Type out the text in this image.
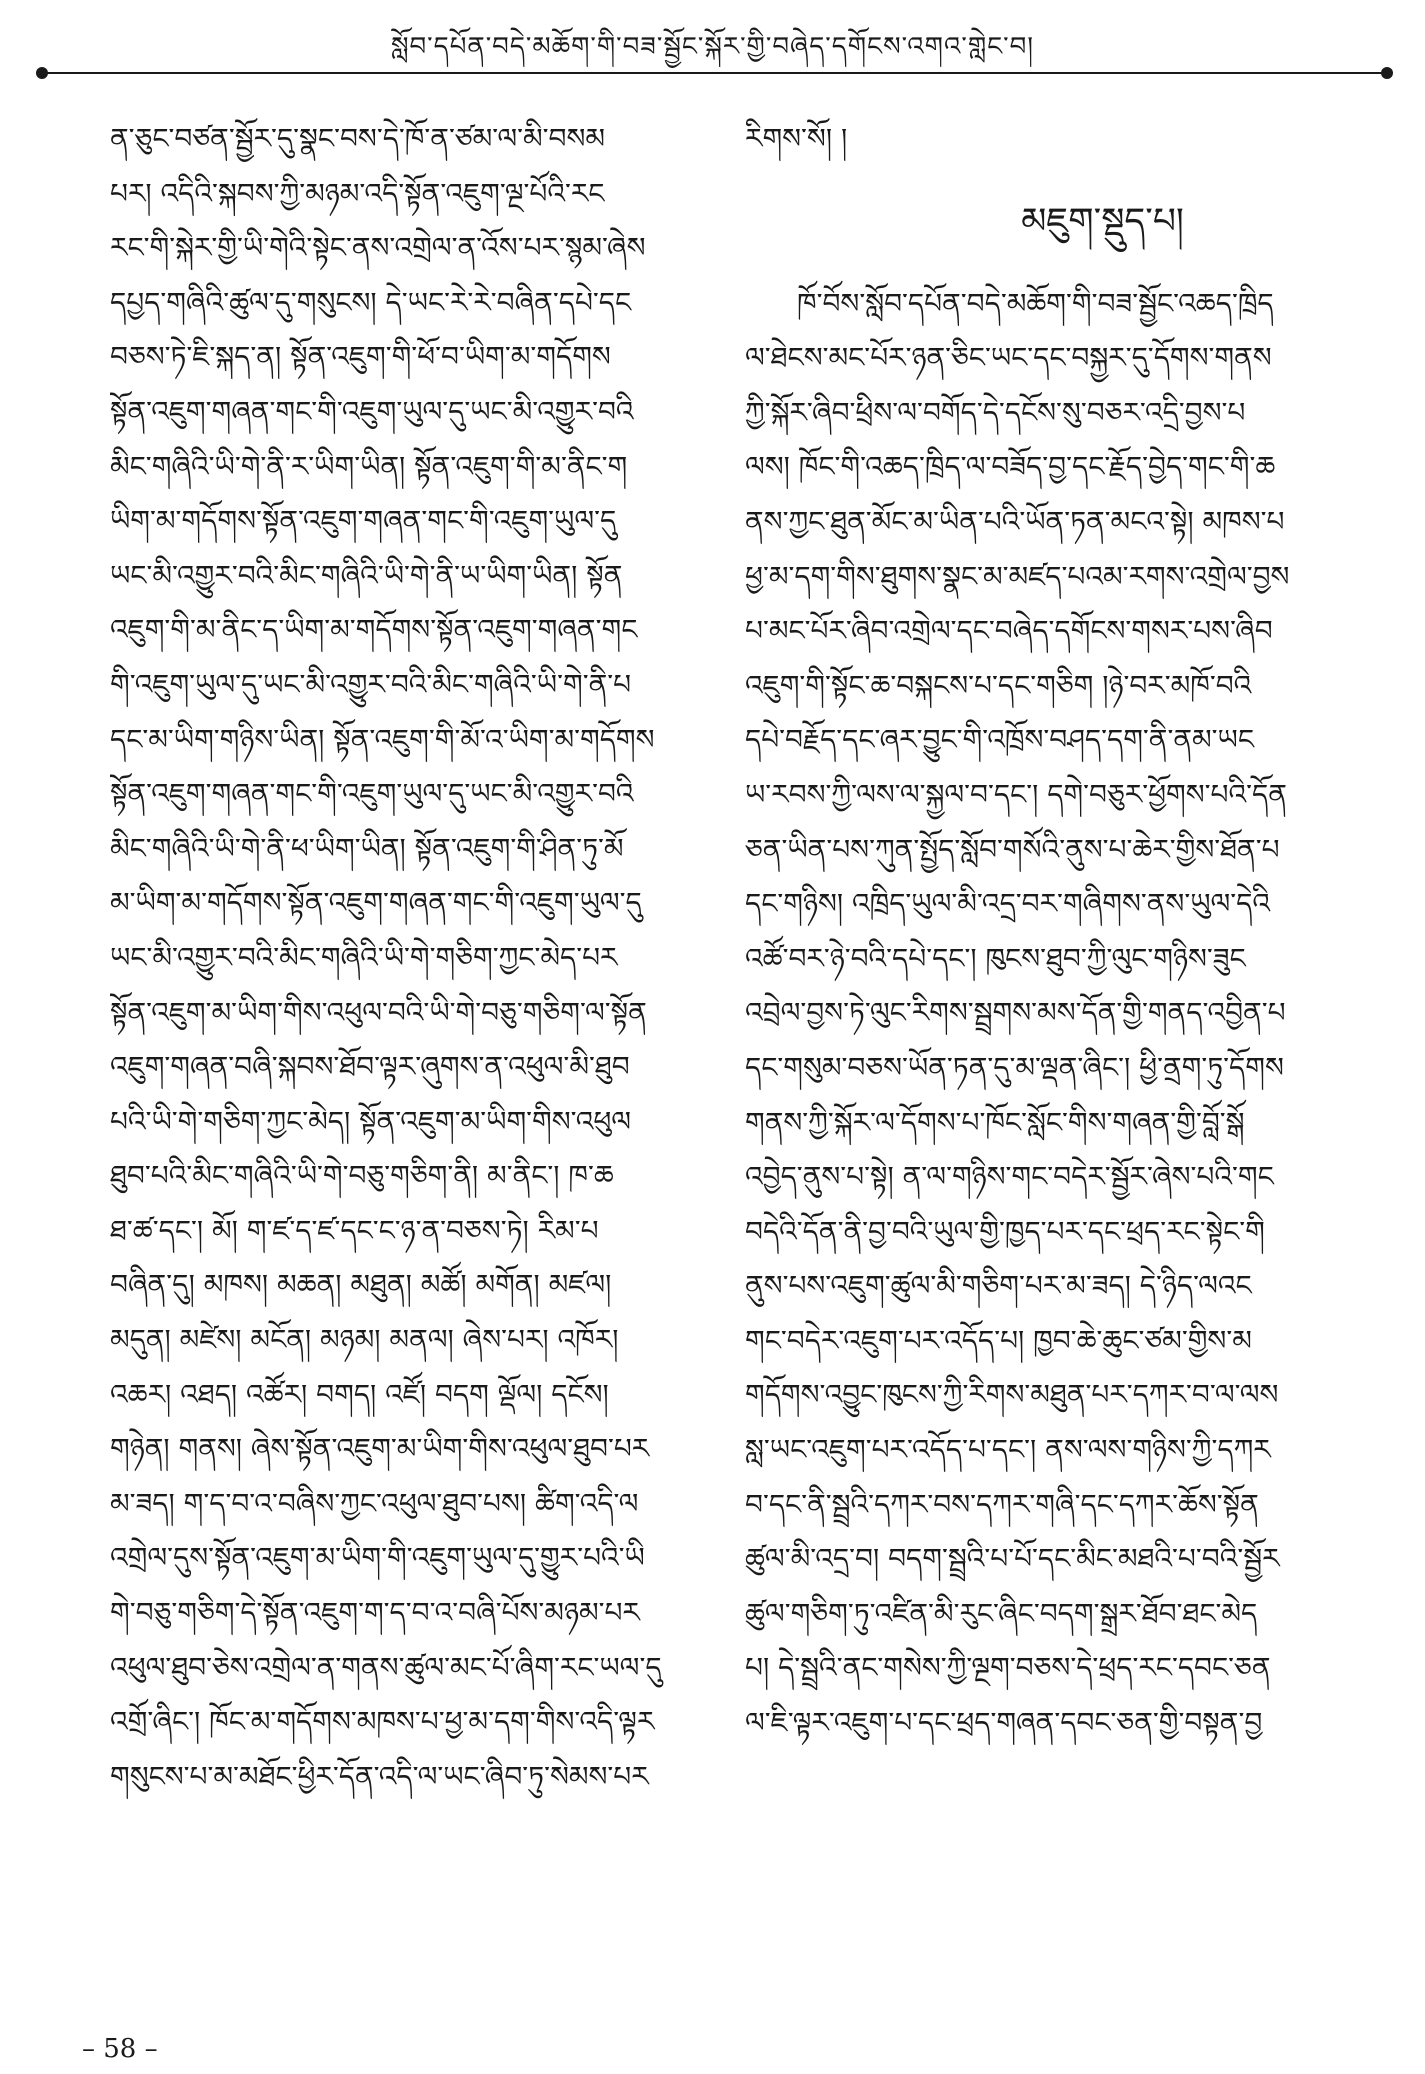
སློབ་དཔོན་བདེ་མཆོག་གི་བཟ་སྦྱོང་སྐོར་གྱི་བཞེད་དགོངས་འགའ་གླེང་བ།
ན་ཅུང་བཙན་སྦྱོར་དུ་སྣང་བས་དེ་ཁོ་ན་ཙམ་ལ་མི་བསམ
པར། འདིའི་སྐབས་ཀྱི་མཉམ་འདི་སྟོན་འཇུག་ལྔ་པོའི་རང
རང་གི་སྐེར་གྱི་ཡི་གེའི་སྟེང་ནས་འགྲེལ་ན་འོས་པར་སྙམ་ཞེས
དཔྱད་གཞིའི་ཚུལ་དུ་གསུངས། དེ་ཡང་རེ་རེ་བཞིན་དཔེ་དང
བཅས་ཏེ་ཇི་སྐད་ན། སྟོན་འཇུག་གི་ཕོ་བ་ཡིག་མ་གདོགས
སྟོན་འཇུག་གཞན་གང་གི་འཇུག་ཡུལ་དུ་ཡང་མི་འགྱུར་བའི
མིང་གཞིའི་ཡི་གེ་ནི་ར་ཡིག་ཡིན། སྟོན་འཇུག་གི་མ་ནིང་ག
ཡིག་མ་གདོགས་སྟོན་འཇུག་གཞན་གང་གི་འཇུག་ཡུལ་དུ
ཡང་མི་འགྱུར་བའི་མིང་གཞིའི་ཡི་གེ་ནི་ཡ་ཡིག་ཡིན། སྟོན
འཇུག་གི་མ་ནིང་ད་ཡིག་མ་གདོགས་སྟོན་འཇུག་གཞན་གང
གི་འཇུག་ཡུལ་དུ་ཡང་མི་འགྱུར་བའི་མིང་གཞིའི་ཡི་གེ་ནི་པ
དང་མ་ཡིག་གཉིས་ཡིན། སྟོན་འཇུག་གི་མོ་འ་ཡིག་མ་གདོགས
སྟོན་འཇུག་གཞན་གང་གི་འཇུག་ཡུལ་དུ་ཡང་མི་འགྱུར་བའི
མིང་གཞིའི་ཡི་གེ་ནི་ཕ་ཡིག་ཡིན། སྟོན་འཇུག་གི་ཤིན་ཏུ་མོ
མ་ཡིག་མ་གདོགས་སྟོན་འཇུག་གཞན་གང་གི་འཇུག་ཡུལ་དུ
ཡང་མི་འགྱུར་བའི་མིང་གཞིའི་ཡི་གེ་གཅིག་ཀྱང་མེད་པར
སྟོན་འཇུག་མ་ཡིག་གིས་འཕུལ་བའི་ཡི་གེ་བཅུ་གཅིག་ལ་སྟོན
འཇུག་གཞན་བཞི་སྐབས་ཐོབ་ལྟར་ཞུགས་ན་འཕུལ་མི་ཐུབ
པའི་ཡི་གེ་གཅིག་ཀྱང་མེད། སྟོན་འཇུག་མ་ཡིག་གིས་འཕུལ
ཐུབ་པའི་མིང་གཞིའི་ཡི་གེ་བཅུ་གཅིག་ནི། མ་ནིང་། ཁ་ཆ
ཐ་ཚ་དང་། མོ། ག་ཛ་ད་ཛ་དང་ང་ཉ་ན་བཅས་ཏེ། རིམ་པ
བཞིན་དུ། མཁས། མཆན། མཐུན། མཚོ། མགོན། མཛལ།
མདུན། མཛེས། མངོན། མཉམ། མནལ། ཞེས་པར། འཁོར།
འཆར། འཐད། འཚོར། བགད། འཛོ། བདག ལྡོལ། དངོས།
གཉེན། གནས། ཞེས་སྟོན་འཇུག་མ་ཡིག་གིས་འཕུལ་ཐུབ་པར
མ་ཟད། ག་ད་བ་འ་བཞིས་ཀྱང་འཕུལ་ཐུབ་པས། ཚིག་འདི་ལ
འགྲེལ་དུས་སྟོན་འཇུག་མ་ཡིག་གི་འཇུག་ཡུལ་དུ་གྱུར་པའི་ཡི
གེ་བཅུ་གཅིག་དེ་སྟོན་འཇུག་ག་ད་བ་འ་བཞི་པོས་མཉམ་པར
འཕུལ་ཐུབ་ཅེས་འགྲེལ་ན་གནས་ཚུལ་མང་པོ་ཞིག་རང་ཡལ་དུ
འགྲོ་ཞིང་། ཁོང་མ་གདོགས་མཁས་པ་ཕྱ་མ་དག་གིས་འདི་ལྟར
གསུངས་པ་མ་མཐོང་ཕྱིར་དོན་འདི་ལ་ཡང་ཞིབ་ཏུ་སེམས་པར
རིགས་སོ། །
མཇུག་སྡུད་པ།
ཁོ་བོས་སློབ་དཔོན་བདེ་མཆོག་གི་བཟ་སྦྱོང་འཆད་ཁྲིད
ལ་ཐེངས་མང་པོར་ཉན་ཅིང་ཡང་དང་བསྐྱར་དུ་དོགས་གནས
ཀྱི་སྐོར་ཞིབ་ཕྲིས་ལ་བགོད་དེ་དངོས་སུ་བཅར་འདྲི་བྱས་པ
ལས། ཁོང་གི་འཆད་ཁྲིད་ལ་བཟོད་བྱ་དང་རྗོད་བྱེད་གང་གི་ཆ
ནས་ཀྱང་ཐུན་མོང་མ་ཡིན་པའི་ཡོན་ཏན་མངའ་སྟེ། མཁས་པ
ཕྱ་མ་དག་གིས་ཐུགས་སྣང་མ་མཛད་པའམ་རགས་འགྲེལ་བྱས
པ་མང་པོར་ཞིབ་འགྲེལ་དང་བཞེད་དགོངས་གསར་པས་ཞིབ
འཇུག་གི་སྟོང་ཆ་བསྐངས་པ་དང་གཅིག །ཉེ་བར་མཁོ་བའི
དཔེ་བརྗོད་དང་ཞར་བྱུང་གི་འཁྲོས་བཤད་དག་ནི་ནམ་ཡང
ཡ་རབས་ཀྱི་ལས་ལ་སྐྱལ་བ་དང་། དགེ་བཅུར་ཕྱོགས་པའི་དོན
ཅན་ཡིན་པས་ཀུན་སྤྱོད་སློབ་གསོའི་ནུས་པ་ཆེར་གྱིས་ཐོན་པ
དང་གཉིས། འཁྲིད་ཡུལ་མི་འདྲ་བར་གཞིགས་ནས་ཡུལ་དེའི
འཚོ་བར་ཉེ་བའི་དཔེ་དང་། ཁུངས་ཐུབ་ཀྱི་ལུང་གཉིས་ཟུང
འབྲེལ་བྱས་ཏེ་ལུང་རིགས་སྦྲགས་མས་དོན་གྱི་གནད་འབྱིན་པ
དང་གསུམ་བཅས་ཡོན་ཏན་དུ་མ་ལྡན་ཞིང་། ཕྱི་ནྲག་ཏུ་དོགས
གནས་ཀྱི་སྐོར་ལ་དོགས་པ་ཁོང་སློང་གིས་གཞན་གྱི་བློ་སྒོ
འབྱེད་ནུས་པ་སྟེ། ན་ལ་གཉིས་གང་བདེར་སྦྱོར་ཞེས་པའི་གང
བདེའི་དོན་ནི་བྱ་བའི་ཡུལ་གྱི་ཁྱད་པར་དང་ཕྲད་རང་སྟེང་གི
ནུས་པས་འཇུག་ཚུལ་མི་གཅིག་པར་མ་ཟད། དེ་ཉིད་ལའང
གང་བདེར་འཇུག་པར་འདོད་པ། ཁྱབ་ཆེ་ཆུང་ཙམ་གྱིས་མ
གདོགས་འབྱུང་ཁུངས་ཀྱི་རིགས་མཐུན་པར་དཀར་བ་ལ་ལས
སླ་ཡང་འཇུག་པར་འདོད་པ་དང་། ནས་ལས་གཉིས་ཀྱི་དཀར
བ་དང་ནི་སྦྲའི་དཀར་བས་དཀར་གཞི་དང་དཀར་ཆོས་སྟོན
ཚུལ་མི་འདྲ་བ། བདག་སྦྲའི་པ་པོ་དང་མིང་མཐའི་པ་བའི་སྦྱོར
ཚུལ་གཅིག་ཏུ་འཛིན་མི་རུང་ཞིང་བདག་སྒྲར་ཐོབ་ཐང་མེད
པ། དེ་སྦྲའི་ནང་གསེས་ཀྱི་ལྔག་བཅས་དེ་ཕྲད་རང་དབང་ཅན
ལ་ཇི་ལྟར་འཇུག་པ་དང་ཕྲད་གཞན་དབང་ཅན་གྱི་བསྟན་བྱ
– 58 –
